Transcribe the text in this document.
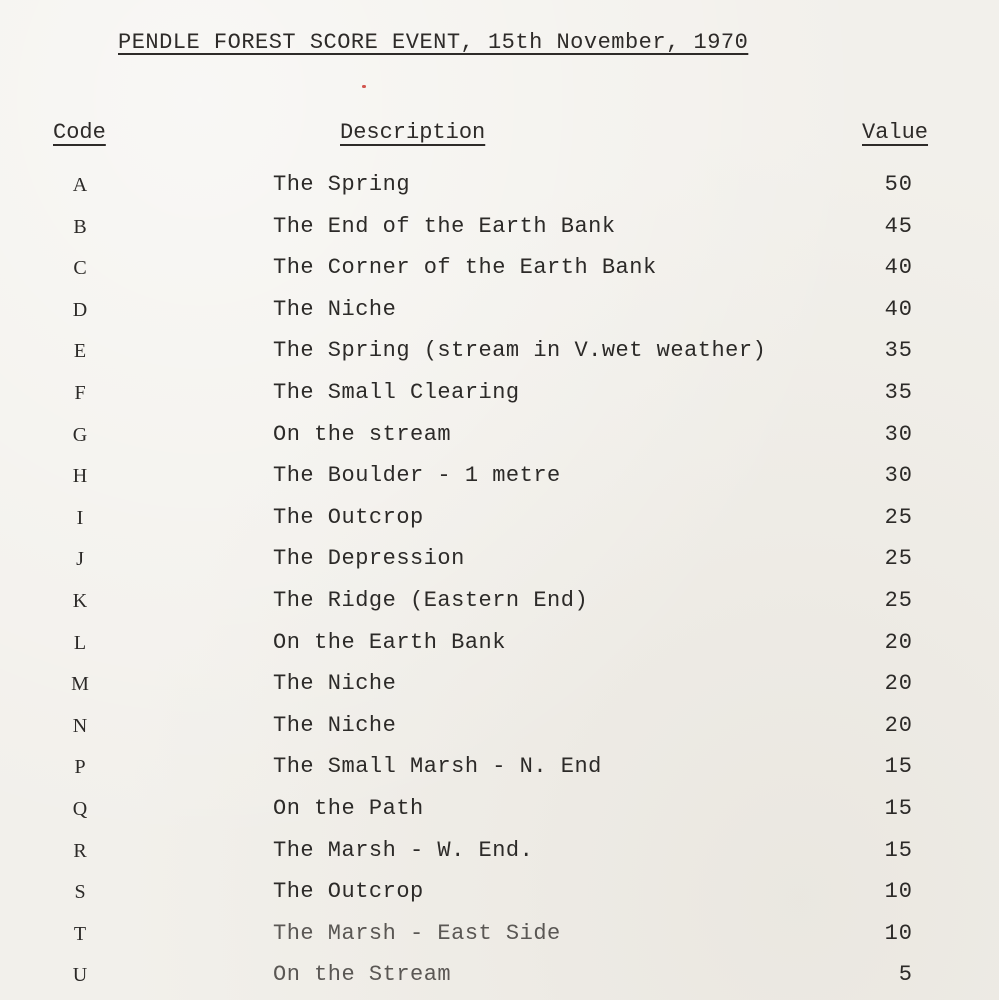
PENDLE FOREST SCORE EVENT, 15th November, 1970
Code	Description	Value
A	The Spring	50
B	The End of the Earth Bank	45
C	The Corner of the Earth Bank	40
D	The Niche	40
E	The Spring (stream in V.wet weather)	35
F	The Small Clearing	35
G	On the stream	30
H	The Boulder - 1 metre	30
I	The Outcrop	25
J	The Depression	25
K	The Ridge (Eastern End)	25
L	On the Earth Bank	20
M	The Niche	20
N	The Niche	20
P	The Small Marsh - N. End	15
Q	On the Path	15
R	The Marsh - W. End.	15
S	The Outcrop	10
T	The Marsh - East Side	10
U	On the Stream	5
